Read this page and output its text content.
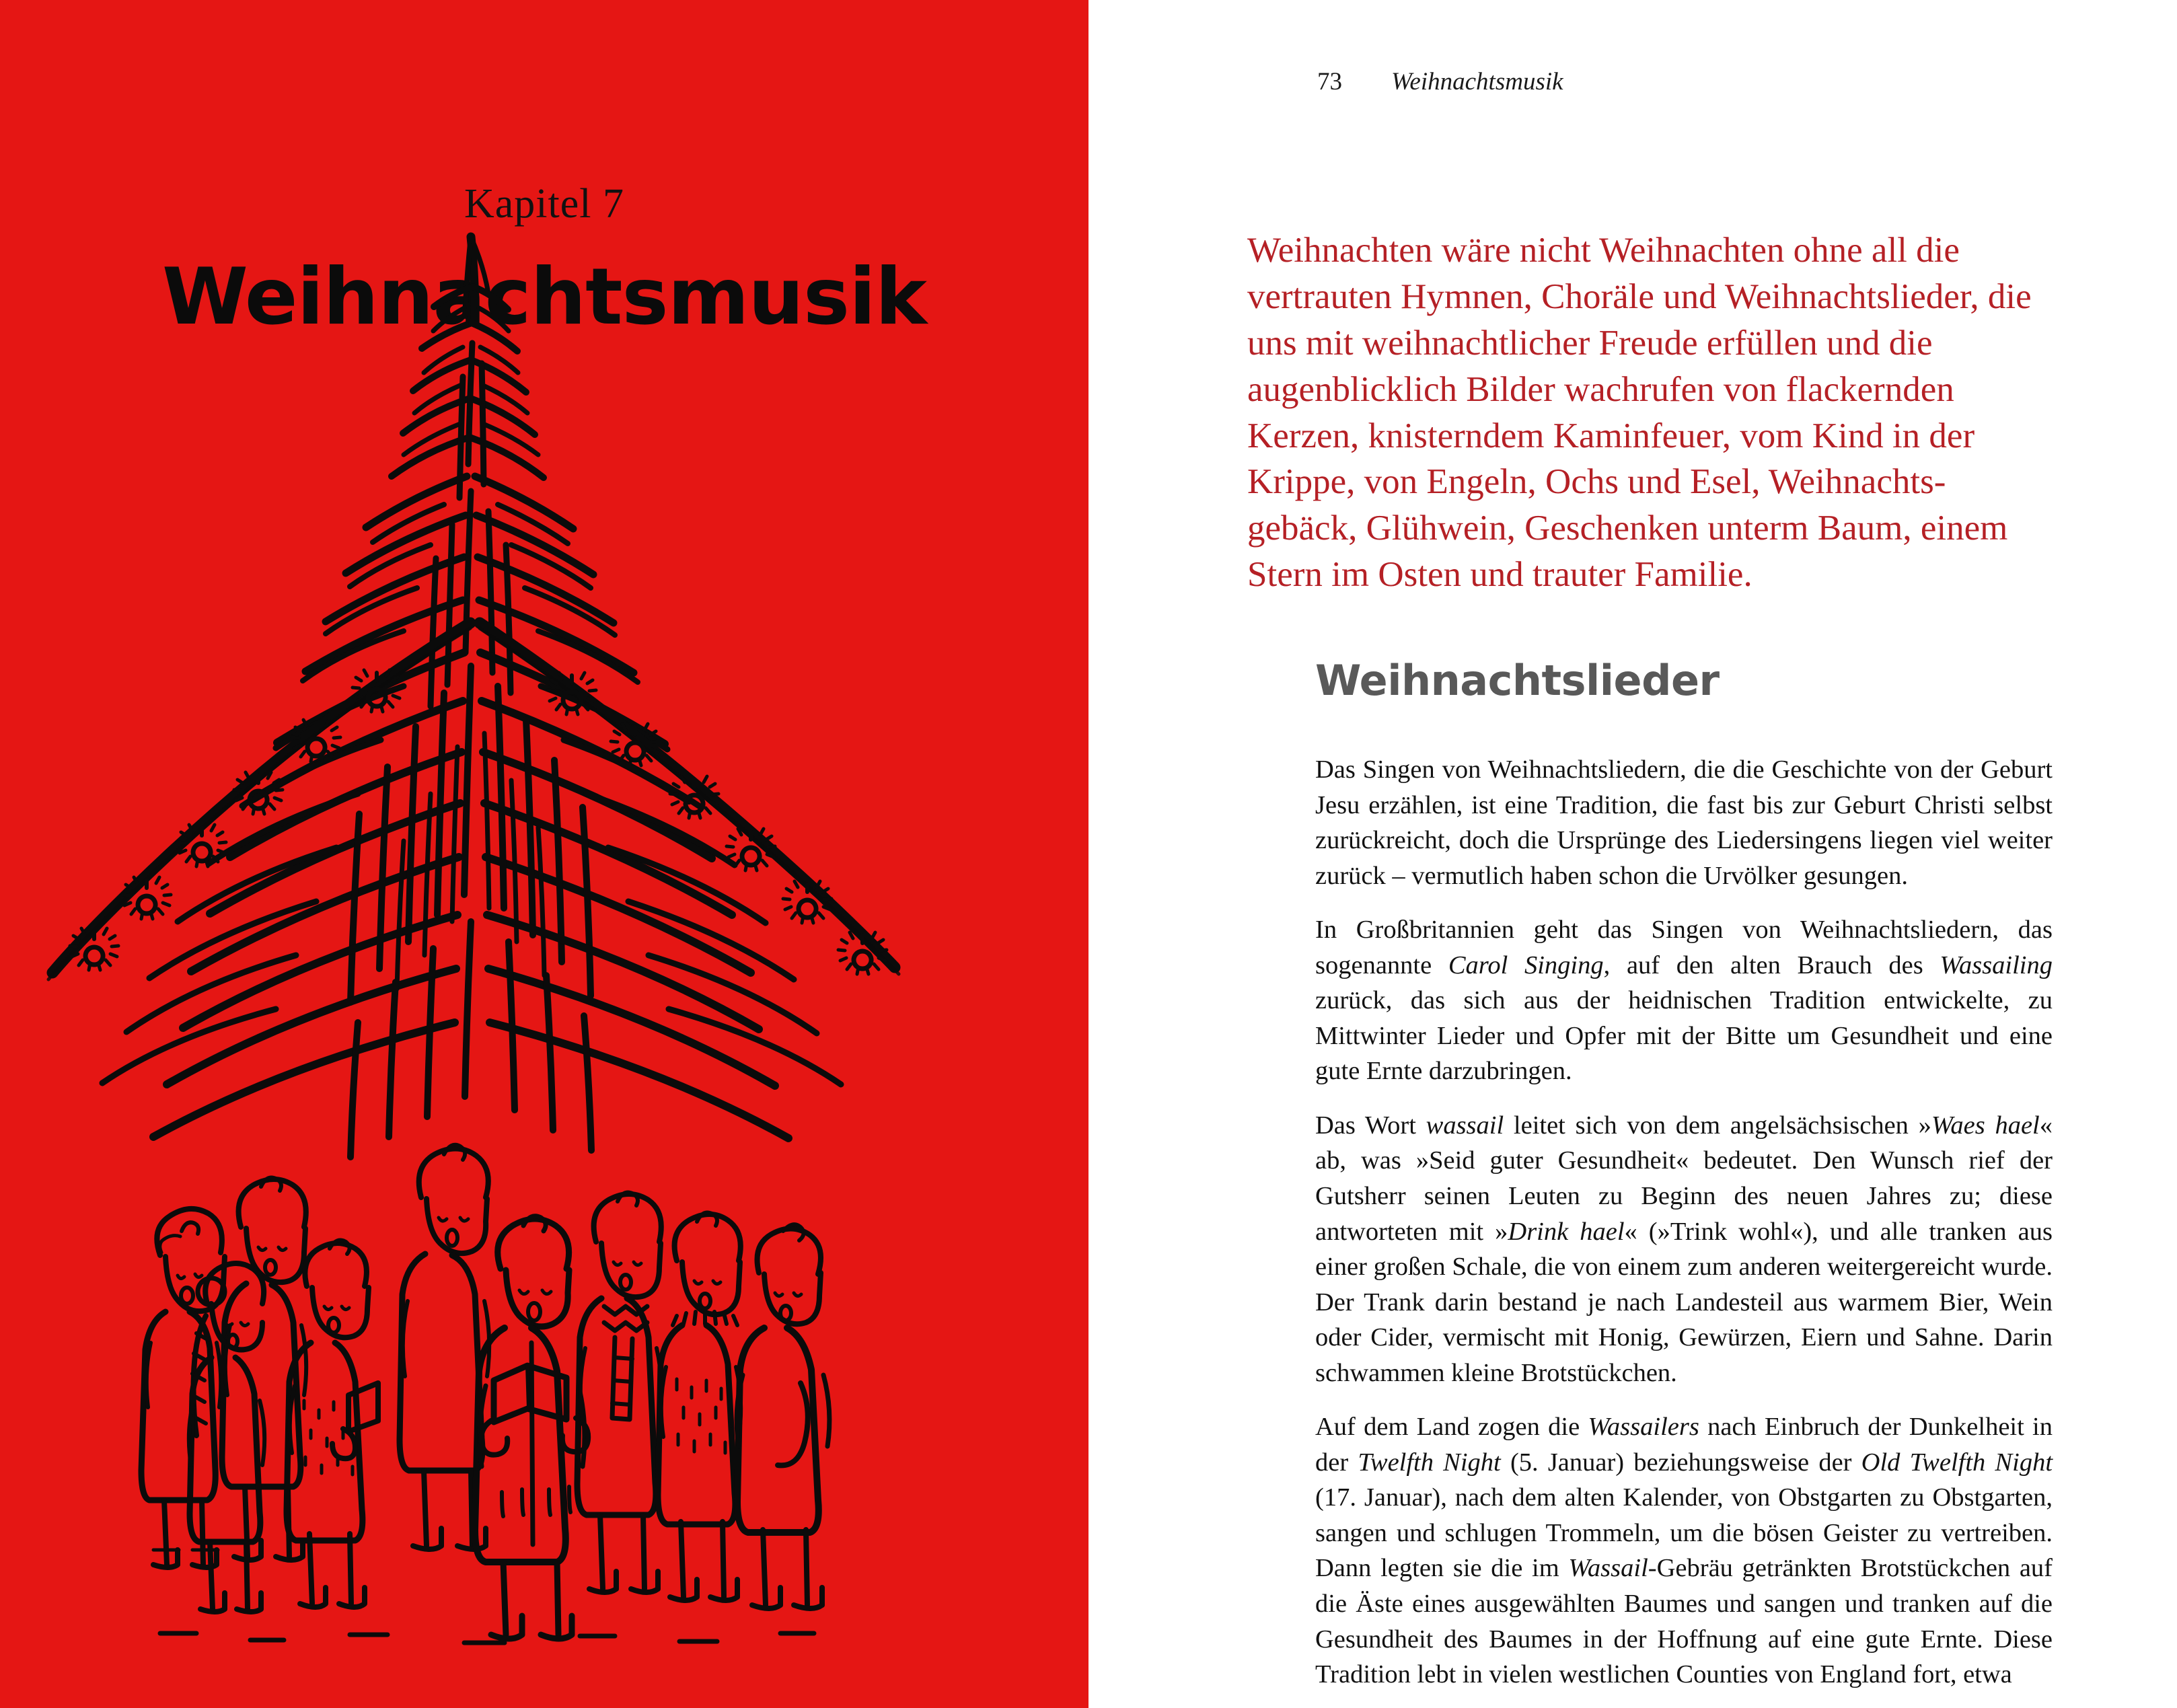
Kapitel 7
Weihnachtsmusik
73 Weihnachtsmusik
Weihnachten wäre nicht Weihnachten ohne all die vertrauten Hymnen, Choräle und Weihnachtslieder, die uns mit weihnachtlicher Freude erfüllen und die augenblicklich Bilder wachrufen von flackernden Kerzen, knisterndem Kaminfeuer, vom Kind in der Krippe, von Engeln, Ochs und Esel, Weihnachtsgebäck, Glühwein, Geschenken unterm Baum, einem Stern im Osten und trauter Familie.
Weihnachtslieder

Das Singen von Weihnachtsliedern, die die Geschichte von der Geburt Jesu erzählen, ist eine Tradition, die fast bis zur Geburt Christi selbst zurückreicht, doch die Ursprünge des Liedersingens liegen viel weiter zurück – vermutlich haben schon die Urvölker gesungen.

In Großbritannien geht das Singen von Weihnachtsliedern, das sogenannte Carol Singing, auf den alten Brauch des Wassailing zurück, das sich aus der heidnischen Tradition entwickelte, zu Mittwinter Lieder und Opfer mit der Bitte um Gesundheit und eine gute Ernte darzubringen.

Das Wort wassail leitet sich von dem angelsächsischen »Waes hael« ab, was »Seid guter Gesundheit« bedeutet. Den Wunsch rief der Gutsherr seinen Leuten zu Beginn des neuen Jahres zu; diese antworteten mit »Drink hael« (»Trink wohl«), und alle tranken aus einer großen Schale, die von einem zum anderen weitergereicht wurde. Der Trank darin bestand je nach Landesteil aus warmem Bier, Wein oder Cider, vermischt mit Honig, Gewürzen, Eiern und Sahne. Darin schwammen kleine Brotstückchen.

Auf dem Land zogen die Wassailers nach Einbruch der Dunkelheit in der Twelfth Night (5. Januar) beziehungsweise der Old Twelfth Night (17. Januar), nach dem alten Kalender, von Obstgarten zu Obstgarten, sangen und schlugen Trommeln, um die bösen Geister zu vertreiben. Dann legten sie die im Wassail-Gebräu getränkten Brotstückchen auf die Äste eines ausgewählten Baumes und sangen und tranken auf die Gesundheit des Baumes in der Hoffnung auf eine gute Ernte. Diese Tradition lebt in vielen westlichen Counties von England fort, etwa
